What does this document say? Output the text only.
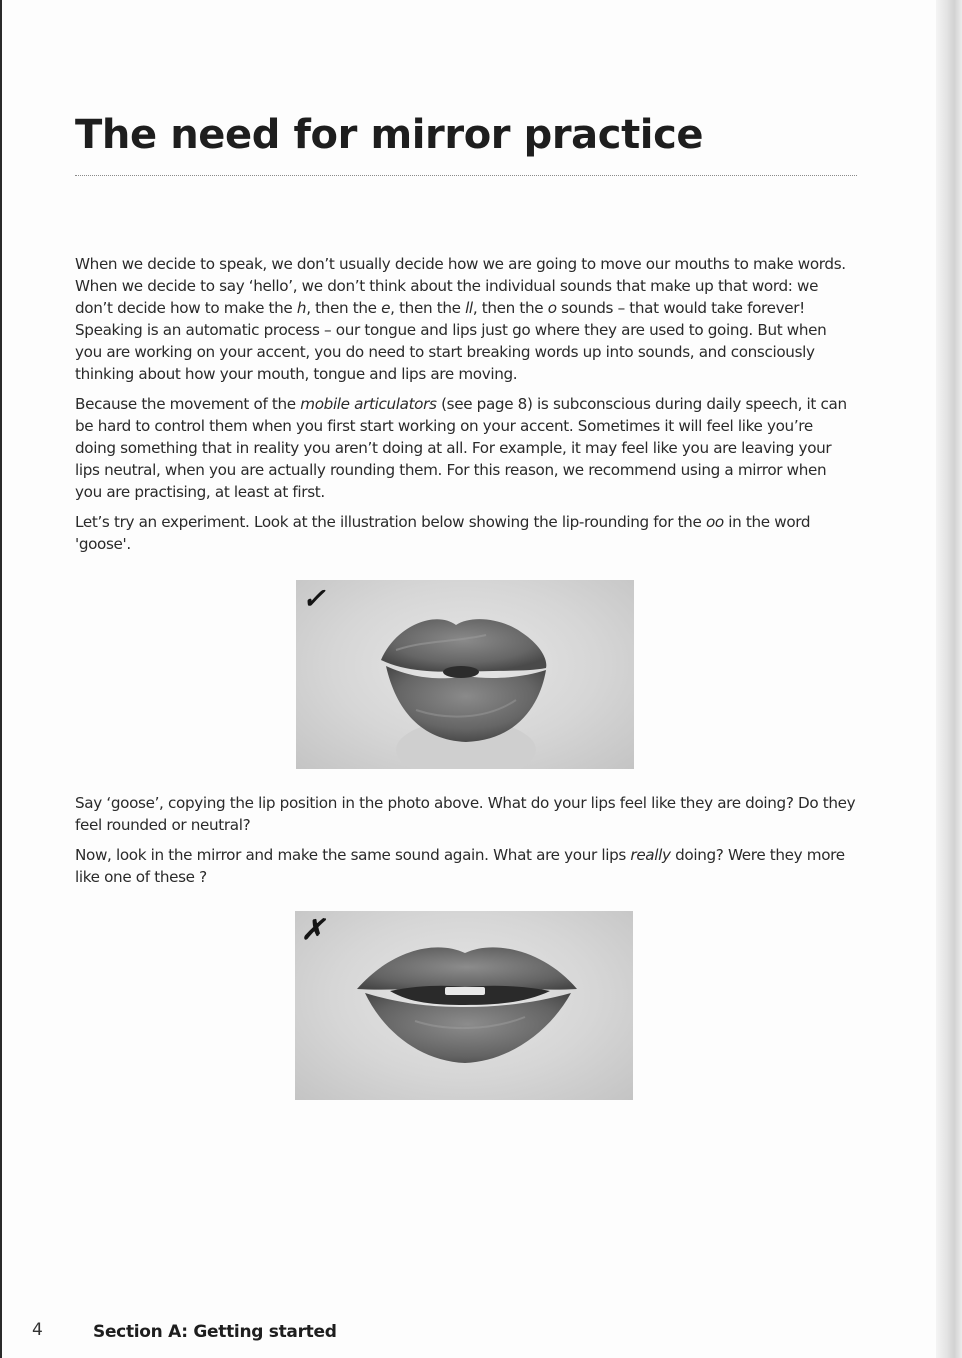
The need for mirror practice

When we decide to speak, we don’t usually decide how we are going to move our mouths to make words. When we decide to say ‘hello’, we don’t think about the individual sounds that make up that word: we don’t decide how to make the h, then the e, then the ll, then the o sounds – that would take forever! Speaking is an automatic process – our tongue and lips just go where they are used to going. But when you are working on your accent, you do need to start breaking words up into sounds, and consciously thinking about how your mouth, tongue and lips are moving.

Because the movement of the mobile articulators (see page 8) is subconscious during daily speech, it can be hard to control them when you first start working on your accent. Sometimes it will feel like you’re doing something that in reality you aren’t doing at all. For example, it may feel like you are leaving your lips neutral, when you are actually rounding them. For this reason, we recommend using a mirror when you are practising, at least at first.

Let’s try an experiment. Look at the illustration below showing the lip-rounding for the oo in the word 'goose'.

✓

Say ‘goose’, copying the lip position in the photo above. What do your lips feel like they are doing? Do they feel rounded or neutral?

Now, look in the mirror and make the same sound again. What are your lips really doing? Were they more like one of these ?

✗
4	Section A: Getting started
